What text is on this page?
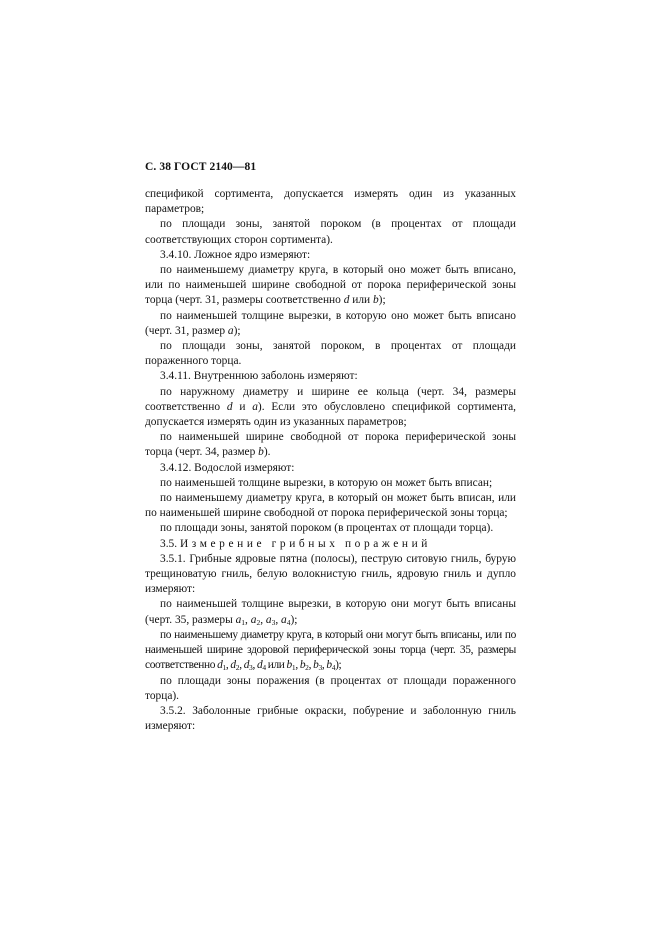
С. 38 ГОСТ 2140—81

спецификой сортимента, допускается измерять один из указанных параметров;

по площади зоны, занятой пороком (в процентах от площади соответствующих сторон сортимента).

3.4.10. Ложное ядро измеряют:

по наименьшему диаметру круга, в который оно может быть вписано, или по наименьшей ширине свободной от порока периферической зоны торца (черт. 31, размеры соответственно d или b);

по наименьшей толщине вырезки, в которую оно может быть вписано (черт. 31, размер a);

по площади зоны, занятой пороком, в процентах от площади пораженного торца.

3.4.11. Внутреннюю заболонь измеряют:

по наружному диаметру и ширине ее кольца (черт. 34, размеры соответственно d и a). Если это обусловлено спецификой сортимента, допускается измерять один из указанных параметров;

по наименьшей ширине свободной от порока периферической зоны торца (черт. 34, размер b).

3.4.12. Водослой измеряют:

по наименьшей толщине вырезки, в которую он может быть вписан;

по наименьшему диаметру круга, в который он может быть вписан, или по наименьшей ширине свободной от порока периферической зоны торца;

по площади зоны, занятой пороком (в процентах от площади торца).

3.5. Измерение грибных поражений

3.5.1. Грибные ядровые пятна (полосы), пеструю ситовую гниль, бурую трещиноватую гниль, белую волокнистую гниль, ядровую гниль и дупло измеряют:

по наименьшей толщине вырезки, в которую они могут быть вписаны (черт. 35, размеры $a_1$, $a_2$, $a_3$, $a_4$);

по наименьшему диаметру круга, в который они могут быть вписаны, или по наименьшей ширине здоровой периферической зоны торца (черт. 35, размеры соответственно $d_1$, $d_2$, $d_3$, $d_4$ или $b_1$, $b_2$, $b_3$, $b_4$);

по площади зоны поражения (в процентах от площади пораженного торца).

3.5.2. Заболонные грибные окраски, побурение и заболонную гниль измеряют:
